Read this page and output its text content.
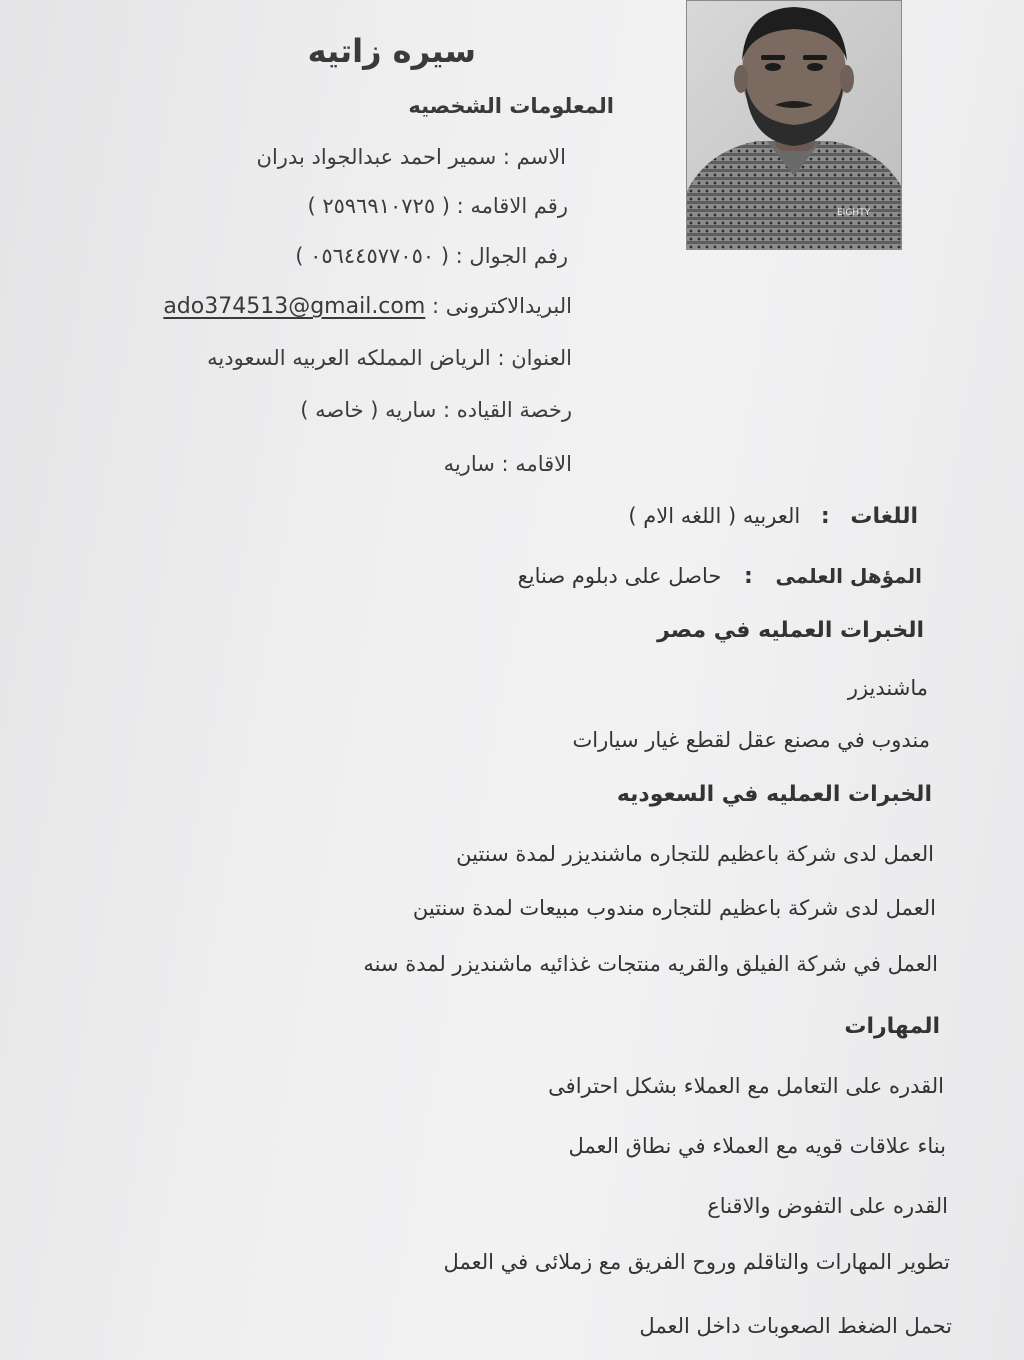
EIGHTY
سيره زاتيه
المعلومات الشخصيه
الاسم : سمير احمد عبدالجواد بدران
رقم الاقامه : ( ٢٥٩٦٩١٠٧٢٥ )
رفم الجوال : ( ٠٥٦٤٤٥٧٧٠٥٠ )
البريدالاكترونى : ado374513@gmail.com
العنوان : الرياض المملكه العربيه السعوديه
رخصة القياده : ساريه ( خاصه )
الاقامه : ساريه
اللغات : العربيه ( اللغه الام )
المؤهل العلمى : حاصل على دبلوم صنايع
الخبرات العمليه في مصر
ماشنديزر
مندوب في مصنع عقل لقطع غيار سيارات
الخبرات العمليه في السعوديه
العمل لدى شركة باعظيم للتجاره ماشنديزر لمدة سنتين
العمل لدى شركة باعظيم للتجاره مندوب مبيعات لمدة سنتين
العمل في شركة الفيلق والقريه منتجات غذائيه ماشنديزر لمدة سنه
المهارات
القدره على التعامل مع العملاء بشكل احترافى
بناء علاقات قويه مع العملاء في نطاق العمل
القدره على التفوض والاقناع
تطوير المهارات والتاقلم وروح الفريق مع زملائى في العمل
تحمل الضغط الصعوبات داخل العمل
